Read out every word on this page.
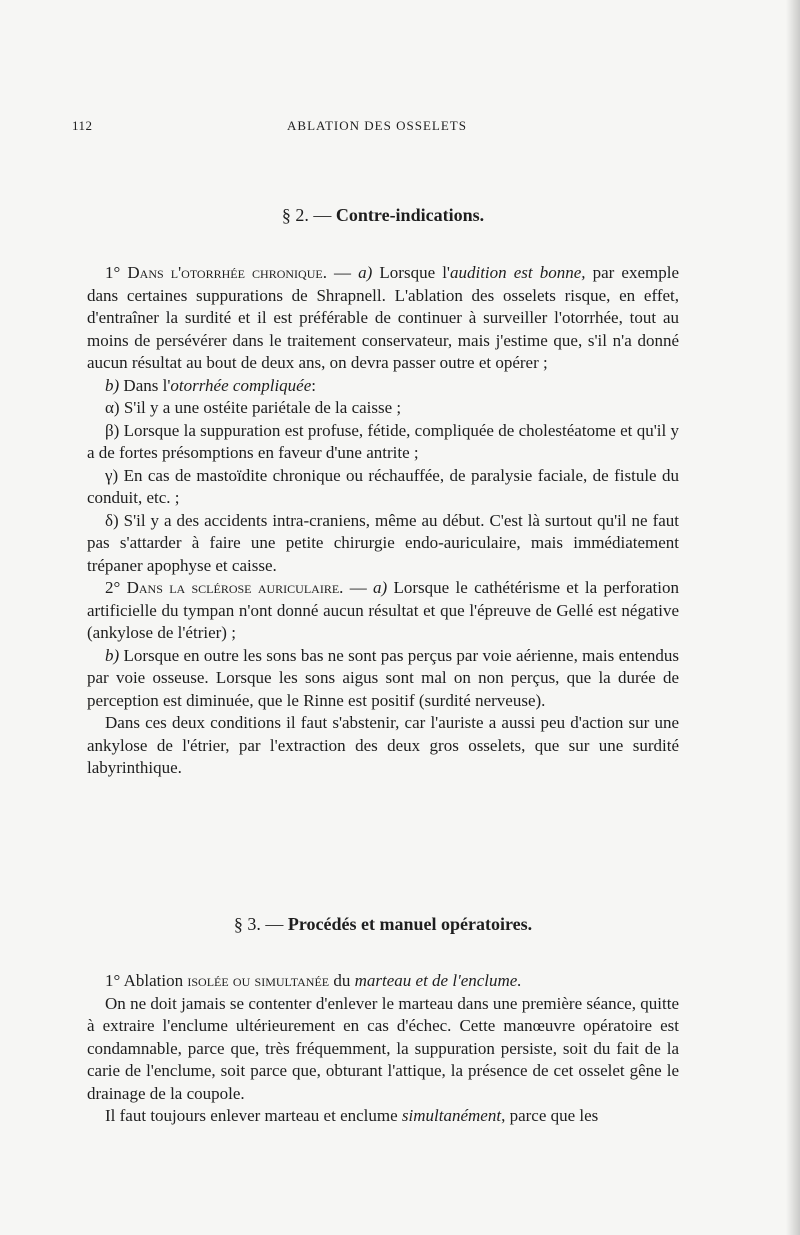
112	ABLATION DES OSSELETS
§ 2. — Contre-indications.

1° Dans l'otorrhée chronique. — a) Lorsque l'audition est bonne, par exemple dans certaines suppurations de Shrapnell. L'ablation des osselets risque, en effet, d'entraîner la surdité et il est préférable de continuer à surveiller l'otorrhée, tout au moins de persévérer dans le traitement conservateur, mais j'estime que, s'il n'a donné aucun résultat au bout de deux ans, on devra passer outre et opérer ;

b) Dans l'otorrhée compliquée:

α) S'il y a une ostéite pariétale de la caisse ;

β) Lorsque la suppuration est profuse, fétide, compliquée de cholestéatome et qu'il y a de fortes présomptions en faveur d'une antrite ;

γ) En cas de mastoïdite chronique ou réchauffée, de paralysie faciale, de fistule du conduit, etc. ;

δ) S'il y a des accidents intra-craniens, même au début. C'est là surtout qu'il ne faut pas s'attarder à faire une petite chirurgie endo-auriculaire, mais immédiatement trépaner apophyse et caisse.

2° Dans la sclérose auriculaire. — a) Lorsque le cathétérisme et la perforation artificielle du tympan n'ont donné aucun résultat et que l'épreuve de Gellé est négative (ankylose de l'étrier) ;

b) Lorsque en outre les sons bas ne sont pas perçus par voie aérienne, mais entendus par voie osseuse. Lorsque les sons aigus sont mal on non perçus, que la durée de perception est diminuée, que le Rinne est positif (surdité nerveuse).

Dans ces deux conditions il faut s'abstenir, car l'auriste a aussi peu d'action sur une ankylose de l'étrier, par l'extraction des deux gros osselets, que sur une surdité labyrinthique.

§ 3. — Procédés et manuel opératoires.

1° Ablation isolée ou simultanée du marteau et de l'enclume.

On ne doit jamais se contenter d'enlever le marteau dans une première séance, quitte à extraire l'enclume ultérieurement en cas d'échec. Cette manœuvre opératoire est condamnable, parce que, très fréquemment, la suppuration persiste, soit du fait de la carie de l'enclume, soit parce que, obturant l'attique, la présence de cet osselet gêne le drainage de la coupole.

Il faut toujours enlever marteau et enclume simultanément, parce que les
